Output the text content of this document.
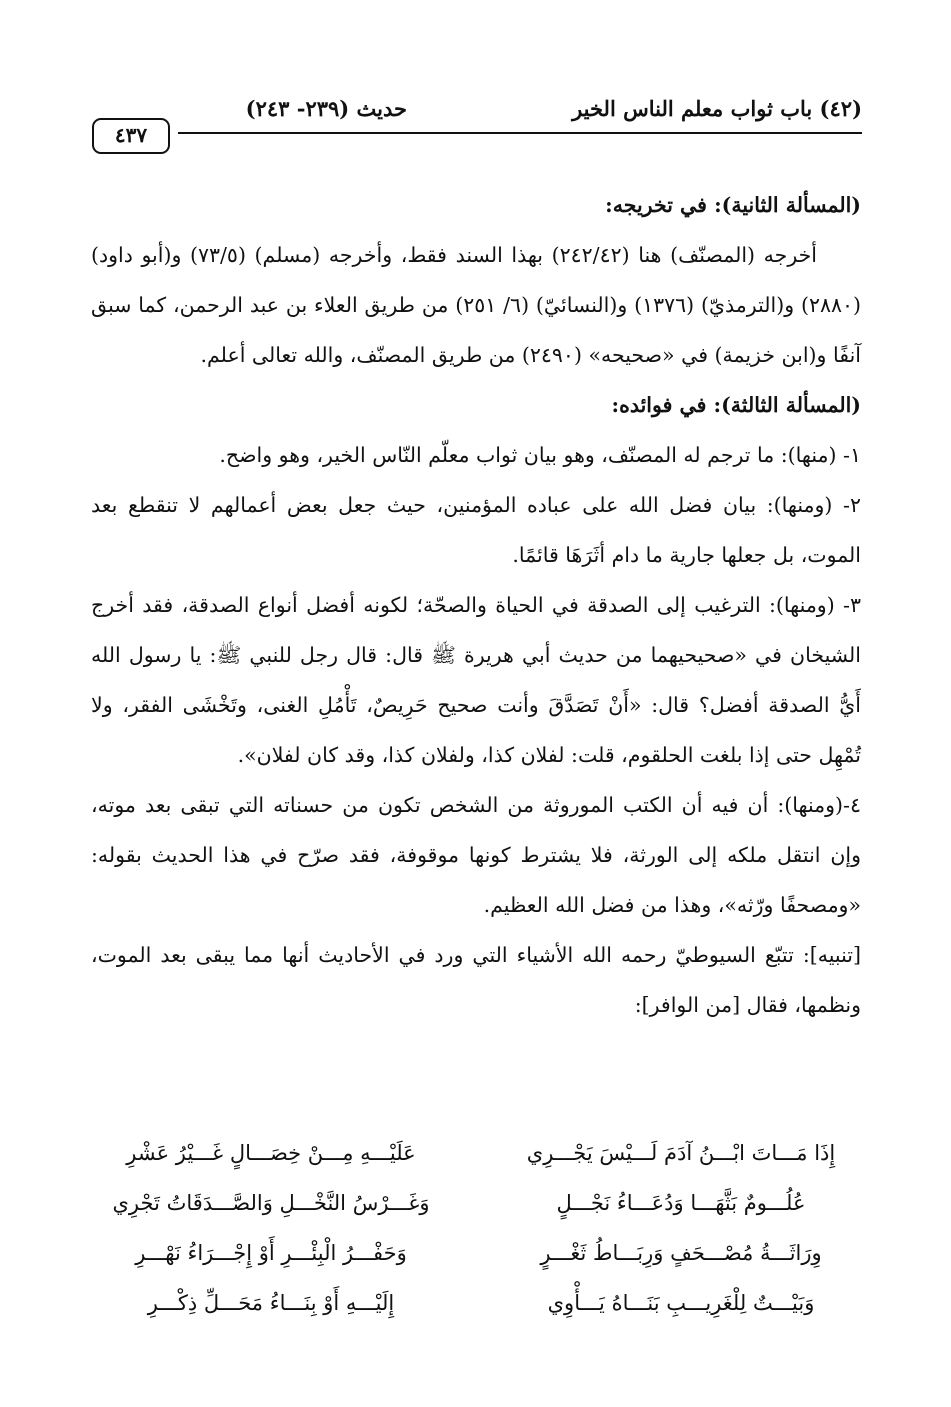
(٤٢) باب ثواب معلم الناس الخير
حديث (٢٣٩- ٢٤٣)
٤٣٧

(المسألة الثانية): في تخريجه:

أخرجه (المصنّف) هنا (٢٤٢/٤٢) بهذا السند فقط، وأخرجه (مسلم) (٧٣/٥) و(أبو داود) (٢٨٨٠) و(الترمذيّ) (١٣٧٦) و(النسائيّ) (٦/ ٢٥١) من طريق العلاء بن عبد الرحمن، كما سبق آنفًا و(ابن خزيمة) في «صحيحه» (٢٤٩٠) من طريق المصنّف، والله تعالى أعلم.

(المسألة الثالثة): في فوائده:

١- (منها): ما ترجم له المصنّف، وهو بيان ثواب معلّم النّاس الخير، وهو واضح.

٢- (ومنها): بيان فضل الله على عباده المؤمنين، حيث جعل بعض أعمالهم لا تنقطع بعد الموت، بل جعلها جارية ما دام أثَرَهَا قائمًا.

٣- (ومنها): الترغيب إلى الصدقة في الحياة والصحّة؛ لكونه أفضل أنواع الصدقة، فقد أخرج الشيخان في «صحيحيهما من حديث أبي هريرة ﷺ قال: قال رجل للنبي ﷺ: يا رسول الله أَيُّ الصدقة أفضل؟ قال: «أَنْ تَصَدَّقَ وأنت صحيح حَرِيصٌ، تَأْمُلِ الغنى، وتَخْشَى الفقر، ولا تُمْهِل حتى إذا بلغت الحلقوم، قلت: لفلان كذا، ولفلان كذا، وقد كان لفلان».

٤-(ومنها): أن فيه أن الكتب الموروثة من الشخص تكون من حسناته التي تبقى بعد موته، وإن انتقل ملكه إلى الورثة، فلا يشترط كونها موقوفة، فقد صرّح في هذا الحديث بقوله: «ومصحفًا ورّثه»، وهذا من فضل الله العظيم.

[تنبيه]: تتبّع السيوطيّ رحمه الله الأشياء التي ورد في الأحاديث أنها مما يبقى بعد الموت، ونظمها، فقال [من الوافر]:

إِذَا مَـــاتَ ابْـــنُ آدَمَ لَـــيْسَ يَجْـــرِي
عَلَيْـــهِ مِـــنْ خِصَـــالٍ غَـــيْرُ عَشْرِ
عُلُـــومٌ بَثَّهَـــا وَدُعَـــاءُ نَجْـــلٍ
وَغَـــرْسُ النَّخْـــلِ وَالصَّـــدَقَاتُ تَجْرِي
وِرَاثَـــةُ مُصْـــحَفٍ وَرِبَـــاطُ ثَغْـــرٍ
وَحَفْـــرُ الْبِئْـــرِ أَوْ إِجْـــرَاءُ نَهْـــرِ
وَبَيْـــتٌ لِلْغَرِيـــبِ بَنَـــاهُ يَـــأْوِي
إِلَيْـــهِ أَوْ بِنَـــاءُ مَحَـــلِّ ذِكْـــرِ
